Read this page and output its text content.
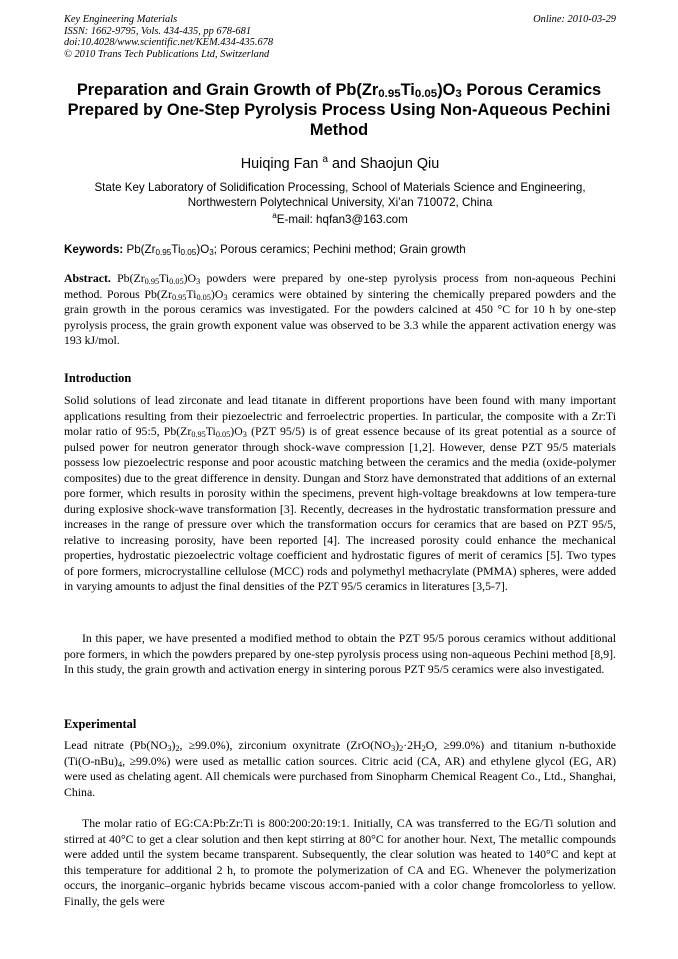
Key Engineering Materials
ISSN: 1662-9795, Vols. 434-435, pp 678-681
doi:10.4028/www.scientific.net/KEM.434-435.678
© 2010 Trans Tech Publications Ltd, Switzerland
Online: 2010-03-29
Preparation and Grain Growth of $Pb(Zr_{0.95}Ti_{0.05})O_3$ Porous Ceramics Prepared by One-Step Pyrolysis Process Using Non-Aqueous Pechini Method
Huiqing Fan $^a$ and Shaojun Qiu
State Key Laboratory of Solidification Processing, School of Materials Science and Engineering,
Northwestern Polytechnical University, Xi’an 710072, China
$^a$E-mail: hqfan3@163.com
Keywords: $Pb(Zr_{0.95}Ti_{0.05})O_3$; Porous ceramics; Pechini method; Grain growth
Abstract. $Pb(Zr_{0.95}Ti_{0.05})O_3$ powders were prepared by one-step pyrolysis process from non-aqueous Pechini method. Porous $Pb(Zr_{0.95}Ti_{0.05})O_3$ ceramics were obtained by sintering the chemically prepared powders and the grain growth in the porous ceramics was investigated. For the powders calcined at 450 °C for 10 h by one-step pyrolysis process, the grain growth exponent value was observed to be 3.3 while the apparent activation energy was 193 kJ/mol.
Introduction

Solid solutions of lead zirconate and lead titanate in different proportions have been found with many important applications resulting from their piezoelectric and ferroelectric properties. In particular, the composite with a Zr:Ti molar ratio of 95:5, $Pb(Zr_{0.95}Ti_{0.05})O_3$ (PZT 95/5) is of great essence because of its great potential as a source of pulsed power for neutron generator through shock-wave compression [1,2]. However, dense PZT 95/5 materials possess low piezoelectric response and poor acoustic matching between the ceramics and the media (oxide-polymer composites) due to the great difference in density. Dungan and Storz have demonstrated that additions of an external pore former, which results in porosity within the specimens, prevent high-voltage breakdowns at low tempera-ture during explosive shock-wave transformation [3]. Recently, decreases in the hydrostatic transformation pressure and increases in the range of pressure over which the transformation occurs for ceramics that are based on PZT 95/5, relative to increasing porosity, have been reported [4]. The increased porosity could enhance the mechanical properties, hydrostatic piezoelectric voltage coefficient and hydrostatic figures of merit of ceramics [5]. Two types of pore formers, microcrystalline cellulose (MCC) rods and polymethyl methacrylate (PMMA) spheres, were added in varying amounts to adjust the final densities of the PZT 95/5 ceramics in literatures [3,5-7].

In this paper, we have presented a modified method to obtain the PZT 95/5 porous ceramics without additional pore formers, in which the powders prepared by one-step pyrolysis process using non-aqueous Pechini method [8,9]. In this study, the grain growth and activation energy in sintering porous PZT 95/5 ceramics were also investigated.

Experimental

Lead nitrate ($Pb(NO_3)_2$, ≥99.0%), zirconium oxynitrate ($ZrO(NO_3)_2\cdot 2H_2O$, ≥99.0%) and titanium n-buthoxide ($Ti(O-nBu)_4$, ≥99.0%) were used as metallic cation sources. Citric acid (CA, AR) and ethylene glycol (EG, AR) were used as chelating agent. All chemicals were purchased from Sinopharm Chemical Reagent Co., Ltd., Shanghai, China.

The molar ratio of EG:CA:Pb:Zr:Ti is 800:200:20:19:1. Initially, CA was transferred to the EG/Ti solution and stirred at 40°C to get a clear solution and then kept stirring at 80°C for another hour. Next, The metallic compounds were added until the system became transparent. Subsequently, the clear solution was heated to 140°C and kept at this temperature for additional 2 h, to promote the polymerization of CA and EG. Whenever the polymerization occurs, the inorganic–organic hybrids became viscous accom-panied with a color change fromcolorless to yellow. Finally, the gels were
